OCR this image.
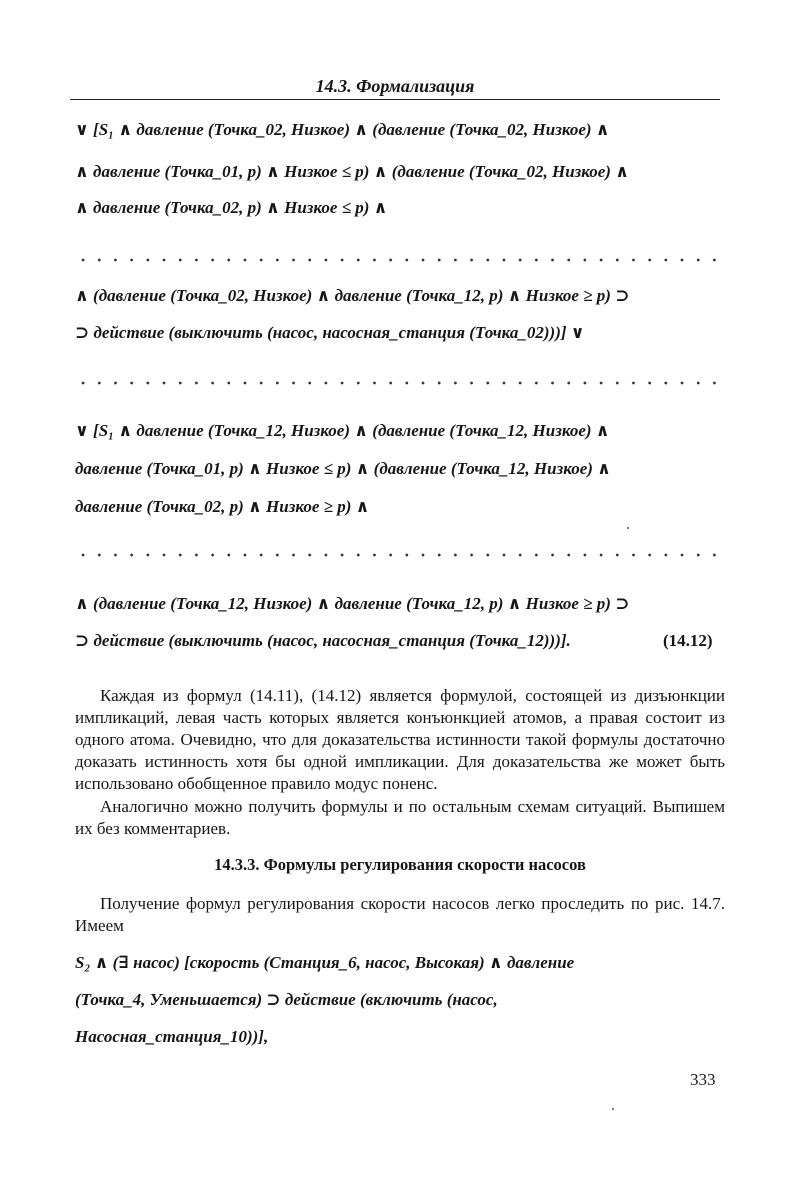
14.3. Формализация
∨ [S₁ ∧ давление (Точка_02, Низкое) ∧ (давление (Точка_02, Низкое) ∧
∧ давление (Точка_01, p) ∧ Низкое ≤ p) ∧ (давление (Точка_02, Низкое) ∧
∧ давление (Точка_02, p) ∧ Низкое ≤ p) ∧
∧ (давление (Точка_02, Низкое) ∧ давление (Точка_12, p) ∧ Низкое ≥ p) ⊃
⊃ действие (выключить (насос, насосная_станция (Точка_02)))] ∨
∨ [S₁ ∧ давление (Точка_12, Низкое) ∧ (давление (Точка_12, Низкое) ∧
давление (Точка_01, p) ∧ Низкое ≤ p) ∧ (давление (Точка_12, Низкое) ∧
давление (Точка_02, p) ∧ Низкое ≥ p) ∧
∧ (давление (Точка_12, Низкое) ∧ давление (Точка_12, p) ∧ Низкое ≥ p) ⊃
⊃ действие (выключить (насос, насосная_станция (Точка_12)))].	(14.12)

Каждая из формул (14.11), (14.12) является формулой, состоящей из дизъюнкции импликаций, левая часть которых является конъюнкцией атомов, а правая состоит из одного атома. Очевидно, что для доказательства истинности такой формулы достаточно доказать истинность хотя бы одной импликации. Для доказательства же может быть использовано обобщенное правило модус поненс.

Аналогично можно получить формулы и по остальным схемам ситуаций. Выпишем их без комментариев.

14.3.3. Формулы регулирования скорости насосов

Получение формул регулирования скорости насосов легко проследить по рис. 14.7. Имеем

S₂ ∧ (∃ насос) [скорость (Станция_6, насос, Высокая) ∧ давление
(Точка_4, Уменьшается) ⊃ действие (включить (насос,
Насосная_станция_10))],
333
